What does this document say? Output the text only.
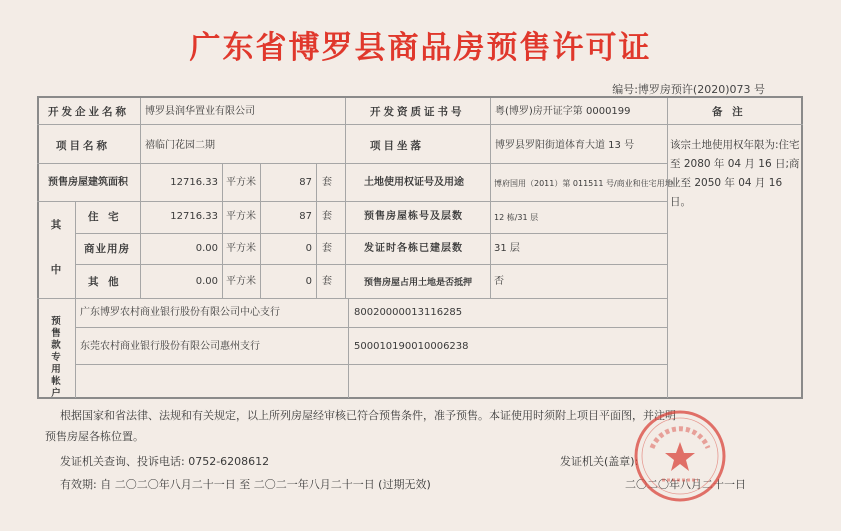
广东省博罗县商品房预售许可证
编号:博罗房预许(2020)073 号
开发企业名称 博罗县润华置业有限公司	开发资质证书号	粤(博罗)房开证字第 0000199	备 注
项目名称	禧临门花园二期	项目坐落	博罗县罗阳街道体育大道 13 号
预售房屋建筑面积	12716.33 平方米	87 套	土地使用权证号及用途	博府国用（2011）第 011511 号/商业和住宅用地
其
中
住 宅	12716.33 平方米	87 套	预售房屋栋号及层数	12 栋/31 层
商业用房	0.00 平方米	0 套	发证时各栋已建层数	31 层
其 他	0.00 平方米	0 套	预售房屋占用土地是否抵押 否
预
售
款
专
用
帐
户
广东博罗农村商业银行股份有限公司中心支行	80020000013116285
东莞农村商业银行股份有限公司惠州支行	500010190010006238
该宗土地使用权年限为:住宅至 2080 年 04 月 16 日;商业至 2050 年 04 月 16 日。
根据国家和省法律、法规和有关规定，以上所列房屋经审核已符合预售条件，准予预售。本证使用时须附上项目平面图，并注明
预售房屋各栋位置。
发证机关查询、投诉电话: 0752-6208612
有效期: 自 二〇二〇年八月二十一日 至 二〇二一年八月二十一日 (过期无效)
发证机关(盖章):
二〇二〇年八月二十一日
